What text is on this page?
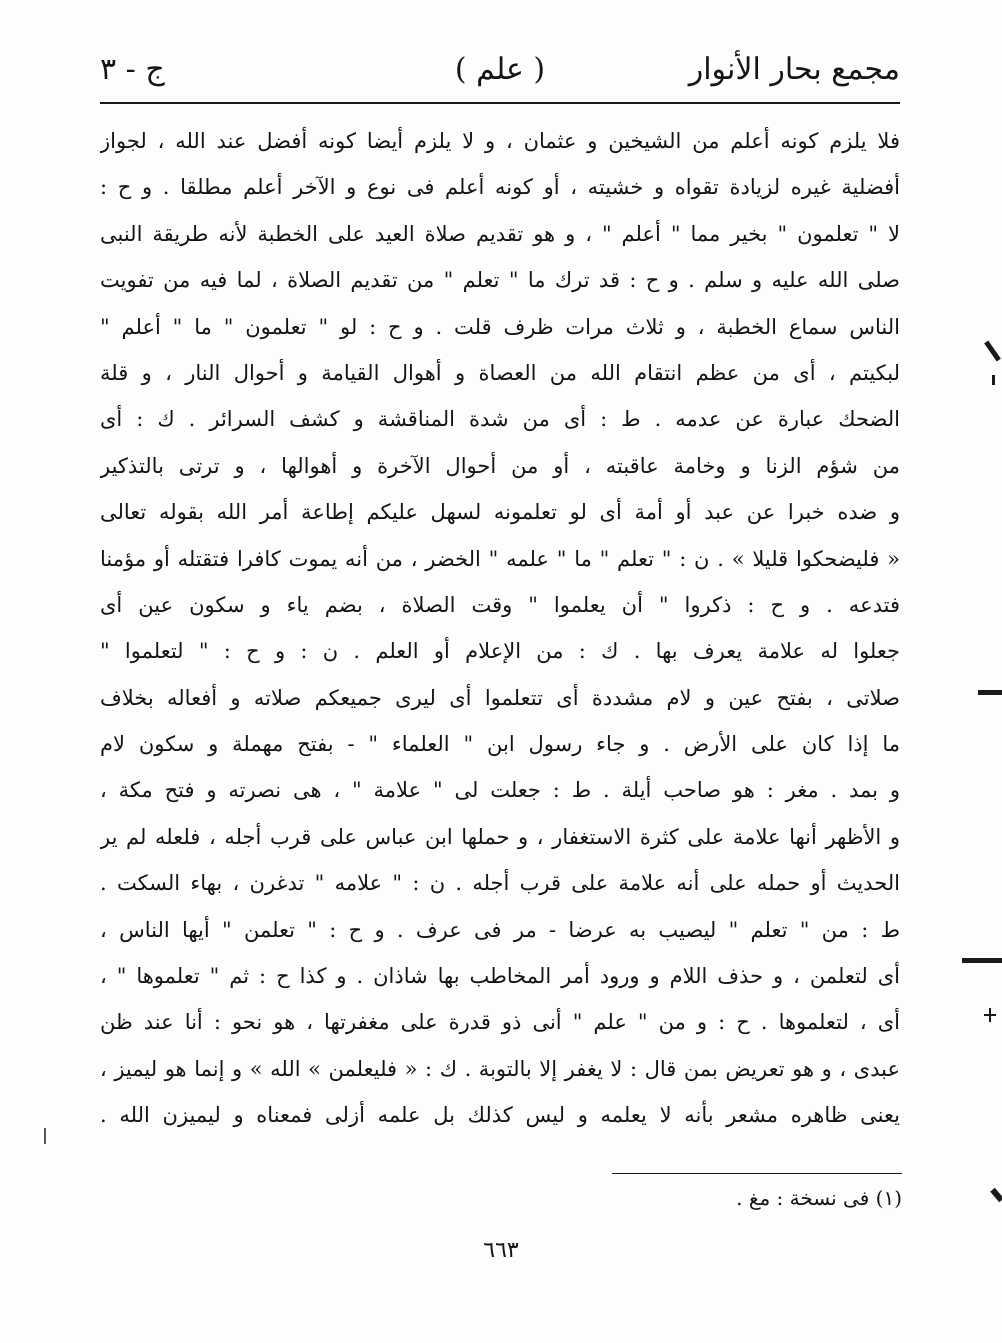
مجمع بحار الأنوار
( علم )
ج - ٣
فلا يلزم كونه أعلم من الشيخين و عثمان ، و لا يلزم أيضا كونه أفضل عند الله ، لجواز
أفضلية غيره لزيادة تقواه و خشيته ، أو كونه أعلم فى نوع و الآخر أعلم مطلقا . و ح :
لا " تعلمون " بخير مما " أعلم " ، و هو تقديم صلاة العيد على الخطبة لأنه طريقة النبى
صلى الله عليه و سلم . و ح : قد ترك ما " تعلم " من تقديم الصلاة ، لما فيه من تفويت
الناس سماع الخطبة ، و ثلاث مرات ظرف قلت . و ح : لو " تعلمون " ما " أعلم "
لبكيتم ، أى من عظم انتقام الله من العصاة و أهوال القيامة و أحوال النار ، و قلة
الضحك عبارة عن عدمه . ط : أى من شدة المناقشة و كشف السرائر . ك : أى
من شؤم الزنا و وخامة عاقبته ، أو من أحوال الآخرة و أهوالها ، و ترتى بالتذكير
و ضده خبرا عن عبد أو أمة أى لو تعلمونه لسهل عليكم إطاعة أمر الله بقوله تعالى
« فليضحكوا قليلا » . ن : " تعلم " ما " علمه " الخضر ، من أنه يموت كافرا فتقتله أو مؤمنا
فتدعه . و ح : ذكروا " أن يعلموا " وقت الصلاة ، بضم ياء و سكون عين أى
جعلوا له علامة يعرف بها . ك : من الإعلام أو العلم . ن : و ح : " لتعلموا "
صلاتى ، بفتح عين و لام مشددة أى تتعلموا أى ليرى جميعكم صلاته و أفعاله بخلاف
ما إذا كان على الأرض . و جاء رسول ابن " العلماء " - بفتح مهملة و سكون لام
و بمد . مغر : هو صاحب أيلة . ط : جعلت لى " علامة " ، هى نصرته و فتح مكة ،
و الأظهر أنها علامة على كثرة الاستغفار ، و حملها ابن عباس على قرب أجله ، فلعله لم ير
الحديث أو حمله على أنه علامة على قرب أجله . ن : " علامه " تدغرن ، بهاء السكت .
ط : من " تعلم " ليصيب به عرضا - مر فى عرف . و ح : " تعلمن " أيها الناس ،
أى لتعلمن ، و حذف اللام و ورود أمر المخاطب بها شاذان . و كذا ح : ثم " تعلموها " ،
أى ، لتعلموها . ح : و من " علم " أنى ذو قدرة على مغفرتها ، هو نحو : أنا عند ظن
عبدى ، و هو تعريض بمن قال : لا يغفر إلا بالتوبة . ك : « فليعلمن » الله » و إنما هو ليميز ،
يعنى ظاهره مشعر بأنه لا يعلمه و ليس كذلك بل علمه أزلى فمعناه و ليميزن الله .
(١) فى نسخة : مغ .
٦٦٣
